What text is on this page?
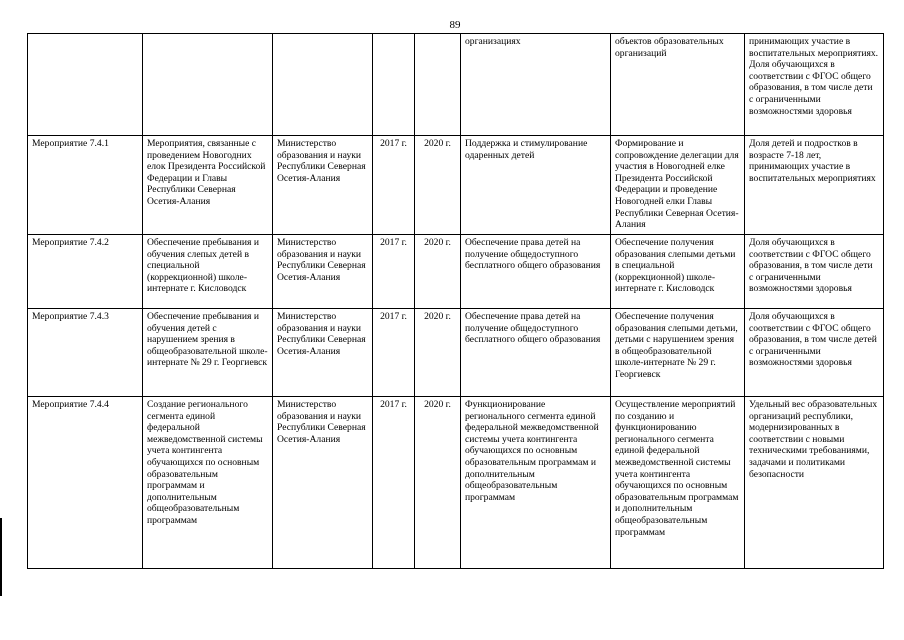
89
					организациях	объектов образовательных организаций	принимающих участие в воспитательных мероприятиях. Доля обучающихся в соответствии с ФГОС общего образования, в том числе дети с ограниченными возможностями здоровья
Мероприятие 7.4.1	Мероприятия, связанные с проведением Новогодних елок Президента Российской Федерации и Главы Республики Северная Осетия-Алания	Министерство образования и науки Республики Северная Осетия-Алания	2017 г.	2020 г.	Поддержка и стимулирование одаренных детей	Формирование и сопровождение делегации для участия в Новогодней елке Президента Российской Федерации и проведение Новогодней елки Главы Республики Северная Осетия-Алания	Доля детей и подростков в возрасте 7-18 лет, принимающих участие в воспитательных мероприятиях
Мероприятие 7.4.2	Обеспечение пребывания и обучения слепых детей в специальной (коррекционной) школе-интернате г. Кисловодск	Министерство образования и науки Республики Северная Осетия-Алания	2017 г.	2020 г.	Обеспечение права детей на получение общедоступного бесплатного общего образования	Обеспечение получения образования слепыми детьми в специальной (коррекционной) школе-интернате г. Кисловодск	Доля обучающихся в соответствии с ФГОС общего образования, в том числе дети с ограниченными возможностями здоровья
Мероприятие 7.4.3	Обеспечение пребывания и обучения детей с нарушением зрения в общеобразовательной школе-интернате № 29 г. Георгиевск	Министерство образования и науки Республики Северная Осетия-Алания	2017 г.	2020 г.	Обеспечение права детей на получение общедоступного бесплатного общего образования	Обеспечение получения образования слепыми детьми, детьми с нарушением зрения в общеобразовательной школе-интернате № 29 г. Георгиевск	Доля обучающихся в соответствии с ФГОС общего образования, в том числе детей с ограниченными возможностями здоровья
Мероприятие 7.4.4	Создание регионального сегмента единой федеральной межведомственной системы учета контингента обучающихся по основным образовательным программам и дополнительным общеобразовательным программам	Министерство образования и науки Республики Северная Осетия-Алания	2017 г.	2020 г.	Функционирование регионального сегмента единой федеральной межведомственной системы учета контингента обучающихся по основным образовательным программам и дополнительным общеобразовательным программам	Осуществление мероприятий по созданию и функционированию регионального сегмента единой федеральной межведомственной системы учета контингента обучающихся по основным образовательным программам и дополнительным общеобразовательным программам	Удельный вес образовательных организаций республики, модернизированных в соответствии с новыми техническими требованиями, задачами и политиками безопасности
